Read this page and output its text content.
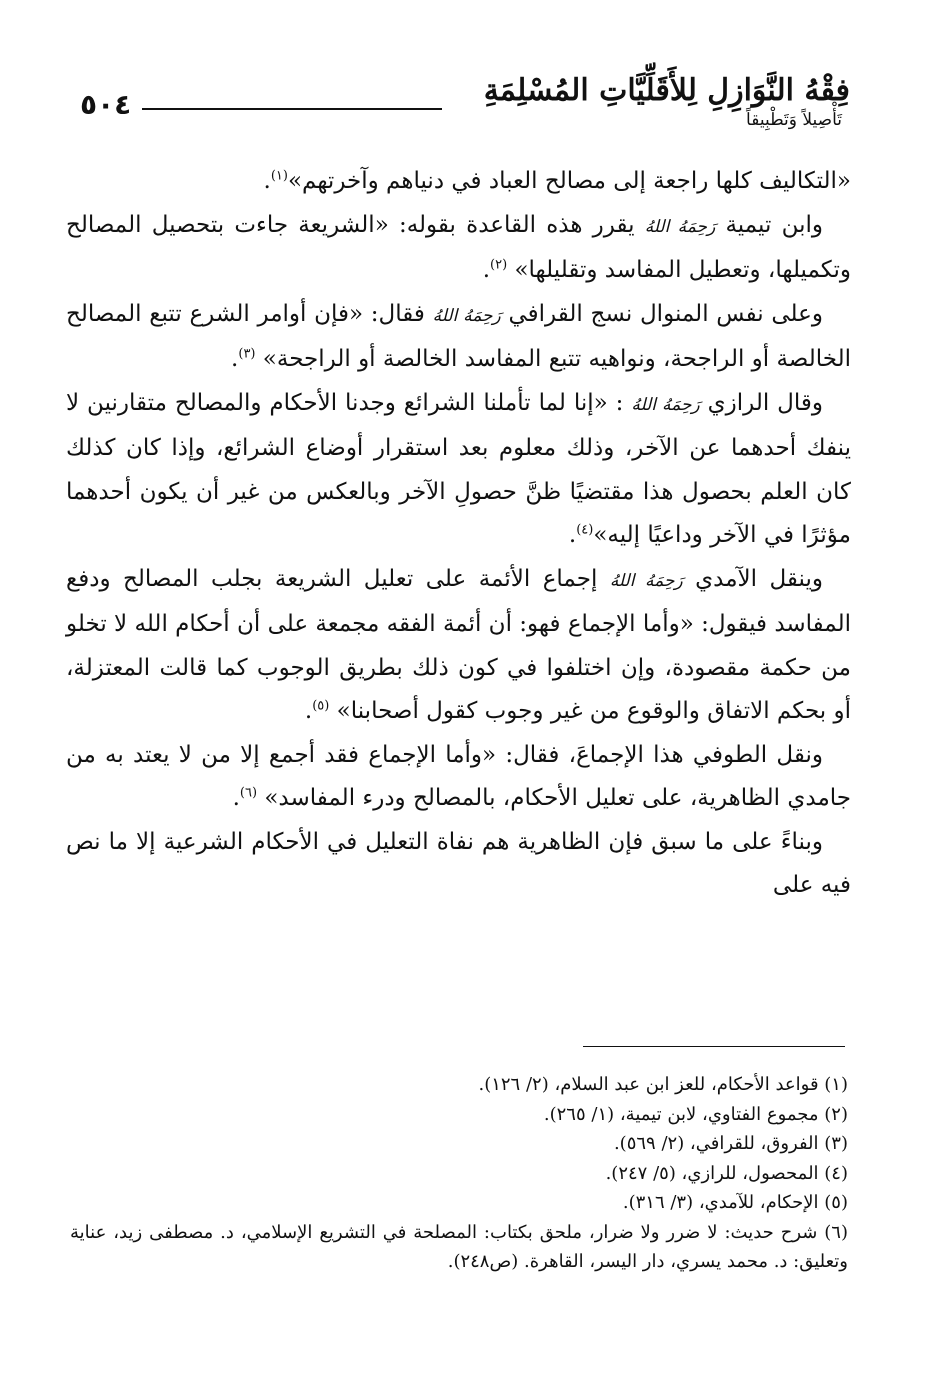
٥٠٤	فِقْهُ النَّوَازِلِ لِلأَقَلِّيَّاتِ المُسْلِمَةِ
تَأْصِيلاً وَتَطْبِيقاً

«التكاليف كلها راجعة إلى مصالح العباد في دنياهم وآخرتهم»$^{(١)}$.

وابن تيمية رَحِمَهُ اللهُ يقرر هذه القاعدة بقوله: «الشريعة جاءت بتحصيل المصالح وتكميلها، وتعطيل المفاسد وتقليلها» $^{(٢)}$.

وعلى نفس المنوال نسج القرافي رَحِمَهُ اللهُ فقال: «فإن أوامر الشرع تتبع المصالح الخالصة أو الراجحة، ونواهيه تتبع المفاسد الخالصة أو الراجحة» $^{(٣)}$.

وقال الرازي رَحِمَهُ اللهُ : «إنا لما تأملنا الشرائع وجدنا الأحكام والمصالح متقارنين لا ينفك أحدهما عن الآخر، وذلك معلوم بعد استقرار أوضاع الشرائع، وإذا كان كذلك كان العلم بحصول هذا مقتضيًا ظنَّ حصولِ الآخر وبالعكس من غير أن يكون أحدهما مؤثرًا في الآخر وداعيًا إليه»$^{(٤)}$.

وينقل الآمدي رَحِمَهُ اللهُ إجماع الأئمة على تعليل الشريعة بجلب المصالح ودفع المفاسد فيقول: «وأما الإجماع فهو: أن أئمة الفقه مجمعة على أن أحكام الله لا تخلو من حكمة مقصودة، وإن اختلفوا في كون ذلك بطريق الوجوب كما قالت المعتزلة، أو بحكم الاتفاق والوقوع من غير وجوب كقول أصحابنا» $^{(٥)}$.

ونقل الطوفي هذا الإجماعَ، فقال: «وأما الإجماع فقد أجمع إلا من لا يعتد به من جامدي الظاهرية، على تعليل الأحكام، بالمصالح ودرء المفاسد» $^{(٦)}$.

وبناءً على ما سبق فإن الظاهرية هم نفاة التعليل في الأحكام الشرعية إلا ما نص فيه على

(١) قواعد الأحكام، للعز ابن عبد السلام، (٢/ ١٢٦).

(٢) مجموع الفتاوي، لابن تيمية، (١/ ٢٦٥).

(٣) الفروق، للقرافي، (٢/ ٥٦٩).

(٤) المحصول، للرازي، (٥/ ٢٤٧).

(٥) الإحكام، للآمدي، (٣/ ٣١٦).

(٦) شرح حديث: لا ضرر ولا ضرار، ملحق بكتاب: المصلحة في التشريع الإسلامي، د. مصطفى زيد، عناية وتعليق: د. محمد يسري، دار اليسر، القاهرة. (ص٢٤٨).
